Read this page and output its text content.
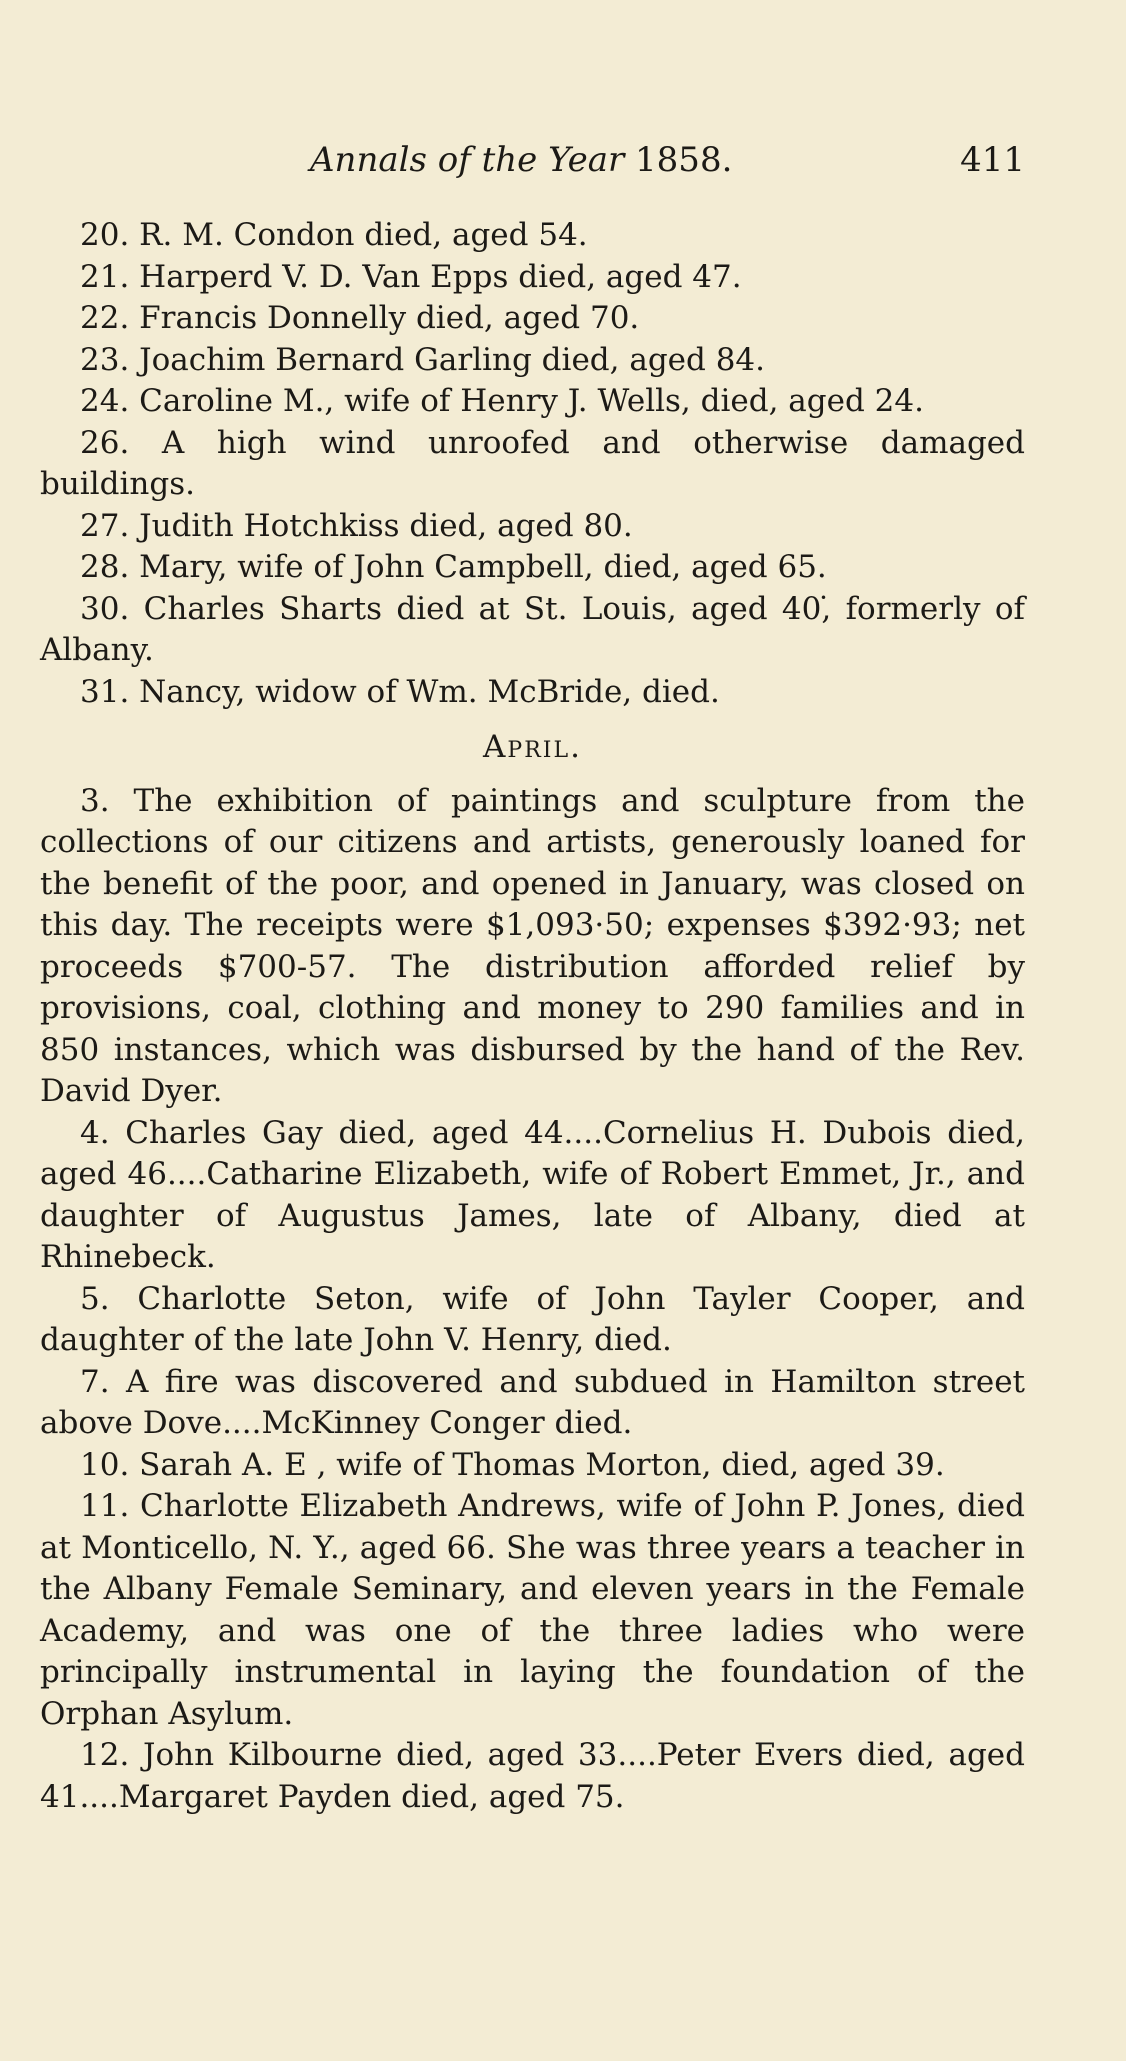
Annals of the Year 1858.	411

20. R. M. Condon died, aged 54.

21. Harperd V. D. Van Epps died, aged 47.

22. Francis Donnelly died, aged 70.

23. Joachim Bernard Garling died, aged 84.

24. Caroline M., wife of Henry J. Wells, died, aged 24.

26. A high wind unroofed and otherwise damaged buildings.

27. Judith Hotchkiss died, aged 80.

28. Mary, wife of John Campbell, died, aged 65.

30. Charles Sharts died at St. Louis, aged 40,̇ formerly of Albany.

31. Nancy, widow of Wm. McBride, died.

April.

3. The exhibition of paintings and sculpture from the collections of our citizens and artists, generously loaned for the benefit of the poor, and opened in January, was closed on this day. The receipts were $1,093·50; expenses $392·93; net proceeds $700-57. The distribution afforded relief by provisions, coal, clothing and money to 290 families and in 850 instances, which was disbursed by the hand of the Rev. David Dyer.

4. Charles Gay died, aged 44....Cornelius H. Dubois died, aged 46....Catharine Elizabeth, wife of Robert Emmet, Jr., and daughter of Augustus James, late of Albany, died at Rhinebeck.

5. Charlotte Seton, wife of John Tayler Cooper, and daughter of the late John V. Henry, died.

7. A fire was discovered and subdued in Hamilton street above Dove....McKinney Conger died.

10. Sarah A. E , wife of Thomas Morton, died, aged 39.

11. Charlotte Elizabeth Andrews, wife of John P. Jones, died at Monticello, N. Y., aged 66. She was three years a teacher in the Albany Female Seminary, and eleven years in the Female Academy, and was one of the three ladies who were principally instrumental in laying the foundation of the Orphan Asylum.

12. John Kilbourne died, aged 33....Peter Evers died, aged 41....Margaret Payden died, aged 75.
